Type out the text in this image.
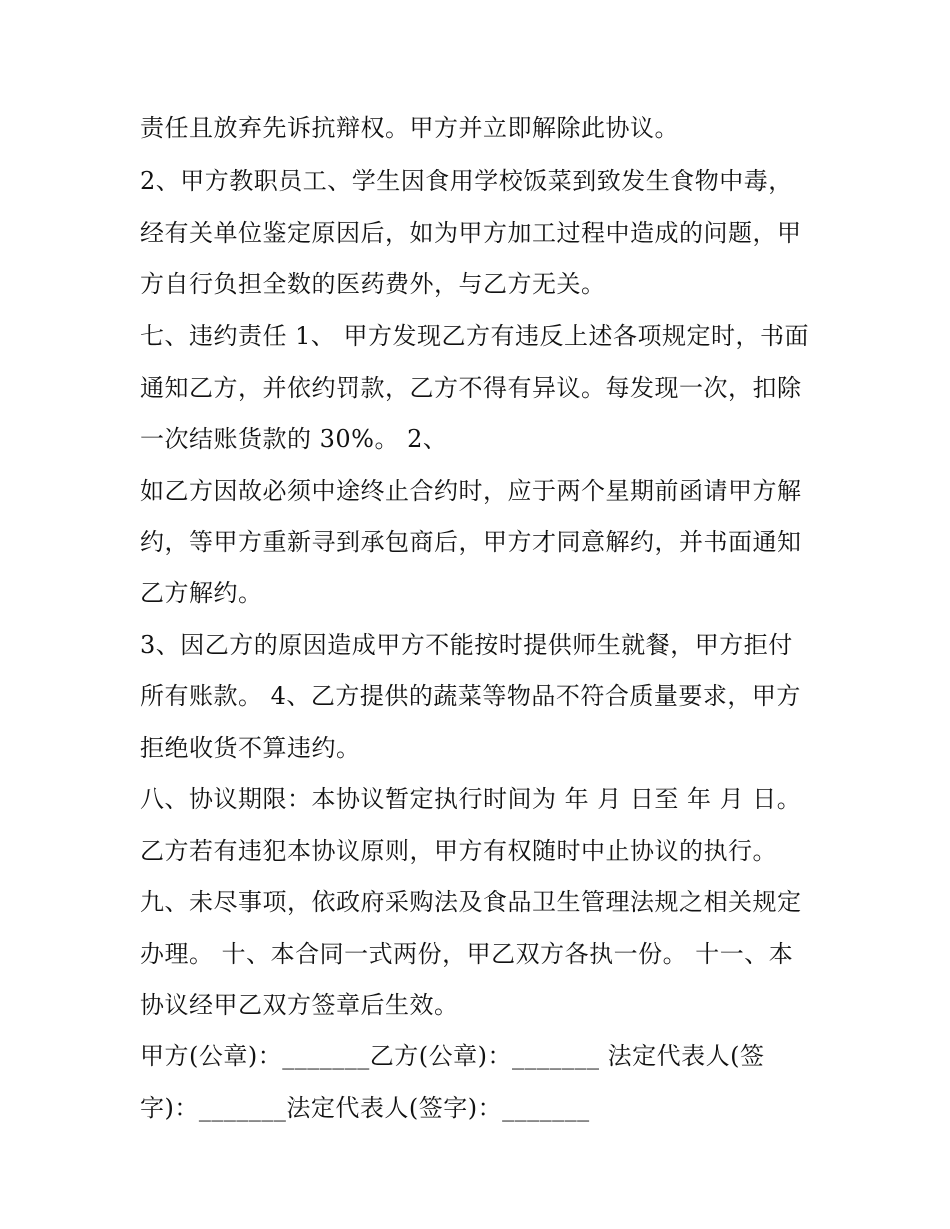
责任且放弃先诉抗辩权。甲方并立即解除此协议。
2、甲方教职员工、学生因食用学校饭菜到致发生食物中毒，
经有关单位鉴定原因后，如为甲方加工过程中造成的问题，甲
方自行负担全数的医药费外，与乙方无关。
七、违约责任 1、 甲方发现乙方有违反上述各项规定时，书面
通知乙方，并依约罚款，乙方不得有异议。每发现一次，扣除
一次结账货款的 30%。 2、
如乙方因故必须中途终止合约时，应于两个星期前函请甲方解
约，等甲方重新寻到承包商后，甲方才同意解约，并书面通知
乙方解约。
3、因乙方的原因造成甲方不能按时提供师生就餐，甲方拒付
所有账款。 4、乙方提供的蔬菜等物品不符合质量要求，甲方
拒绝收货不算违约。
八、协议期限：本协议暂定执行时间为 年 月 日至 年 月 日。
乙方若有违犯本协议原则，甲方有权随时中止协议的执行。
九、未尽事项，依政府采购法及食品卫生管理法规之相关规定
办理。 十、本合同一式两份，甲乙双方各执一份。 十一、本
协议经甲乙双方签章后生效。
甲方(公章)：_______乙方(公章)：_______ 法定代表人(签
字)：_______法定代表人(签字)：_______
